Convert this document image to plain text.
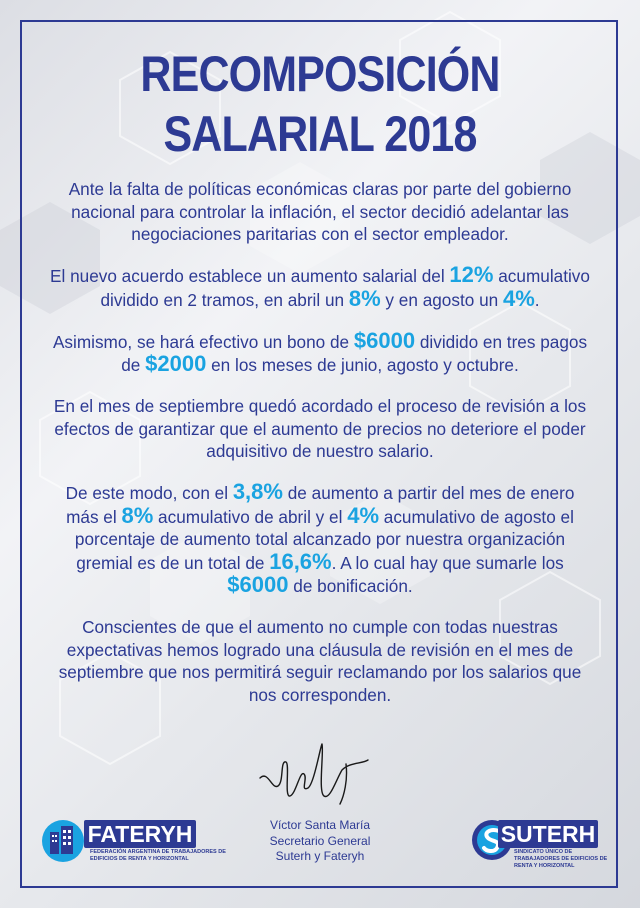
RECOMPOSICIÓN
SALARIAL 2018

Ante la falta de políticas económicas claras por parte del gobierno nacional para controlar la inflación, el sector decidió adelantar las negociaciones paritarias con el sector empleador.

El nuevo acuerdo establece un aumento salarial del 12% acumulativo dividido en 2 tramos, en abril un 8% y en agosto un 4%.

Asimismo, se hará efectivo un bono de $6000 dividido en tres pagos de $2000 en los meses de junio, agosto y octubre.

En el mes de septiembre quedó acordado el proceso de revisión a los efectos de garantizar que el aumento de precios no deteriore el poder adquisitivo de nuestro salario.

De este modo, con el 3,8% de aumento a partir del mes de enero más el 8% acumulativo de abril y el 4% acumulativo de agosto el porcentaje de aumento total alcanzado por nuestra organización gremial es de un total de 16,6%. A lo cual hay que sumarle los $6000 de bonificación.

Conscientes de que el aumento no cumple con todas nuestras expectativas hemos logrado una cláusula de revisión en el mes de septiembre que nos permitirá seguir reclamando por los salarios que nos corresponden.

Víctor Santa María
Secretario General
Suterh y Fateryh
FATERYH
FEDERACIÓN ARGENTINA DE TRABAJADORES DE EDIFICIOS DE RENTA Y HORIZONTAL
SUTERH
SINDICATO ÚNICO DE TRABAJADORES DE EDIFICIOS DE RENTA Y HORIZONTAL
